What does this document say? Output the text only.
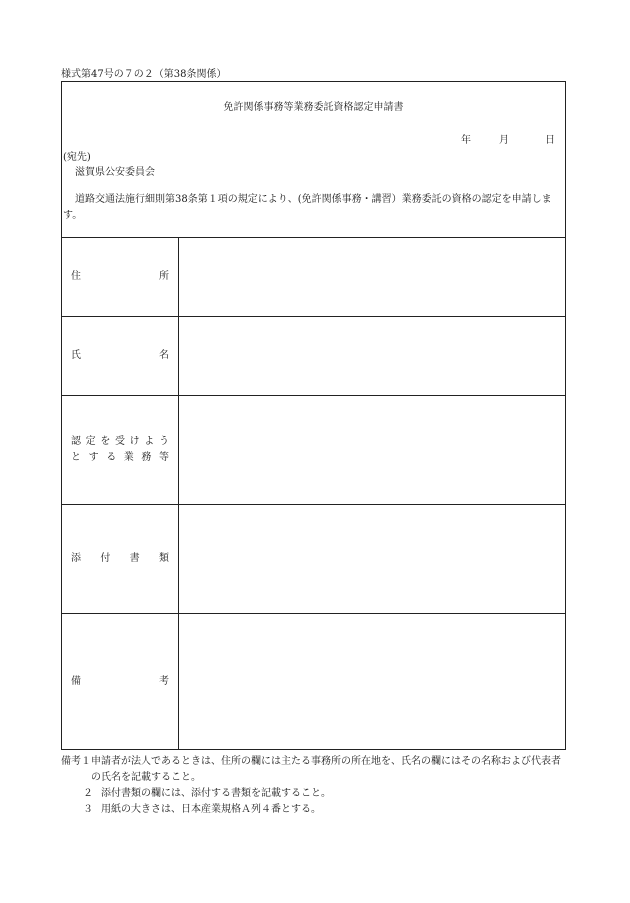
様式第47号の７の２（第38条関係）
免許関係事務等業務委託資格認定申請書
年	月	日
(宛先)
滋賀県公安委員会
道路交通法施行細則第38条第１項の規定により、(免許関係事務・講習）業務委託の資格の認定を申請します。
住	所
氏	名
認 定 を 受 け よ う
と す る 業 務 等
添 付 書 類
備	考
備考１ 申請者が法人であるときは、住所の欄には主たる事務所の所在地を、氏名の欄にはその名称および代表者
の氏名を記載すること。
２ 添付書類の欄には、添付する書類を記載すること。
３ 用紙の大きさは、日本産業規格Ａ列４番とする。
